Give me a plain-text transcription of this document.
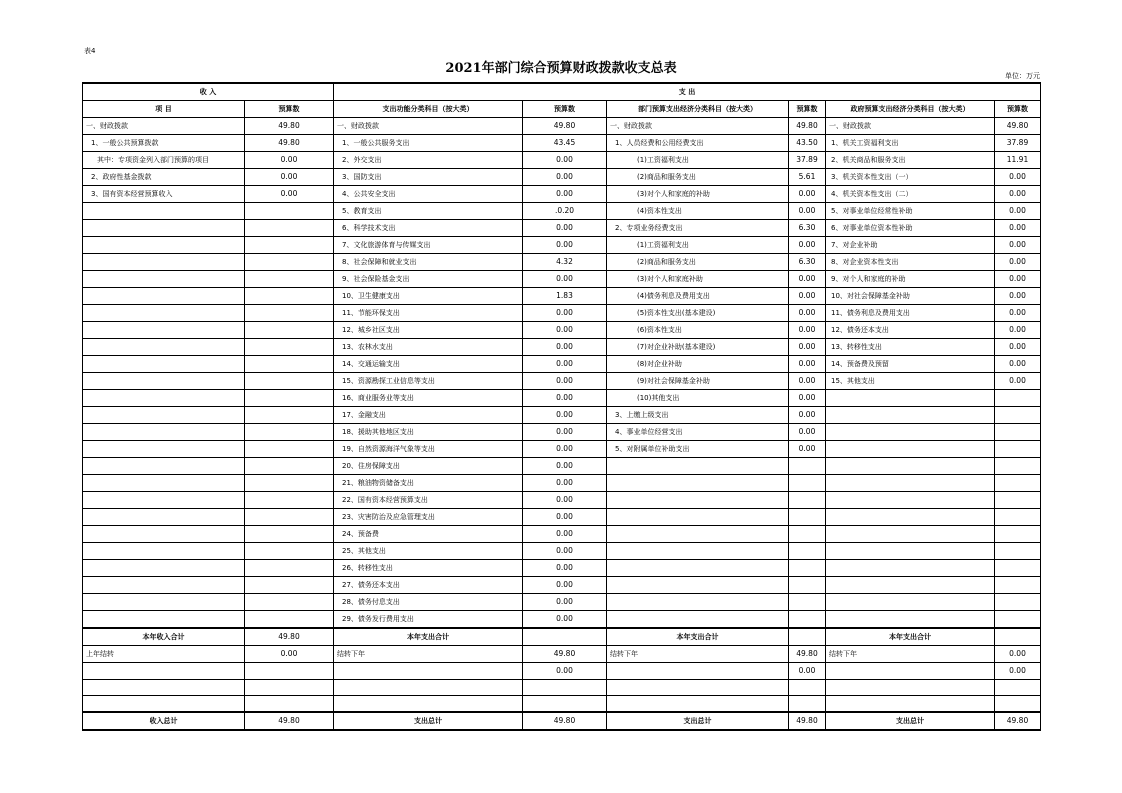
表4
2021年部门综合预算财政拨款收支总表	单位：万元
收 入		支 出					
项 目	预算数	支出功能分类科目（按大类）	预算数	部门预算支出经济分类科目（按大类）	预算数	政府预算支出经济分类科目（按大类）	预算数
一、财政拨款	49.80	一、财政拨款	49.80	一、财政拨款	49.80	一、财政拨款	49.80
1、一般公共预算拨款	49.80	1、一般公共服务支出	43.45	1、人员经费和公用经费支出	43.50	1、机关工资福利支出	37.89
其中：专项资金列入部门预算的项目	0.00	2、外交支出	0.00	(1)工资福利支出	37.89	2、机关商品和服务支出	11.91
2、政府性基金拨款	0.00	3、国防支出	0.00	(2)商品和服务支出	5.61	3、机关资本性支出（一）	0.00
3、国有资本经营预算收入	0.00	4、公共安全支出	0.00	(3)对个人和家庭的补助	0.00	4、机关资本性支出（二）	0.00
		5、教育支出	.0.20	(4)资本性支出	0.00	5、对事业单位经常性补助	0.00
		6、科学技术支出	0.00	2、专项业务经费支出	6.30	6、对事业单位资本性补助	0.00
		7、文化旅游体育与传媒支出	0.00	(1)工资福利支出	0.00	7、对企业补助	0.00
		8、社会保障和就业支出	4.32	(2)商品和服务支出	6.30	8、对企业资本性支出	0.00
		9、社会保险基金支出	0.00	(3)对个人和家庭补助	0.00	9、对个人和家庭的补助	0.00
		10、卫生健康支出	1.83	(4)债务利息及费用支出	0.00	10、对社会保障基金补助	0.00
		11、节能环保支出	0.00	(5)资本性支出(基本建设)	0.00	11、债务利息及费用支出	0.00
		12、城乡社区支出	0.00	(6)资本性支出	0.00	12、债务还本支出	0.00
		13、农林水支出	0.00	(7)对企业补助(基本建设)	0.00	13、转移性支出	0.00
		14、交通运输支出	0.00	(8)对企业补助	0.00	14、预备费及预留	0.00
		15、资源勘探工业信息等支出	0.00	(9)对社会保障基金补助	0.00	15、其他支出	0.00
		16、商业服务业等支出	0.00	(10)其他支出	0.00		
		17、金融支出	0.00	3、上缴上级支出	0.00		
		18、援助其他地区支出	0.00	4、事业单位经营支出	0.00		
		19、自然资源海洋气象等支出	0.00	5、对附属单位补助支出	0.00		
		20、住房保障支出	0.00				
		21、粮油物资储备支出	0.00				
		22、国有资本经营预算支出	0.00				
		23、灾害防治及应急管理支出	0.00				
		24、预备费	0.00				
		25、其他支出	0.00				
		26、转移性支出	0.00				
		27、债务还本支出	0.00				
		28、债务付息支出	0.00				
		29、债务发行费用支出	0.00				
本年收入合计	49.80	本年支出合计		本年支出合计		本年支出合计	
上年结转	0.00	结转下年	49.80	结转下年	49.80	结转下年	0.00
			0.00		0.00		0.00

收入总计	49.80	支出总计	49.80	支出总计	49.80	支出总计	49.80
